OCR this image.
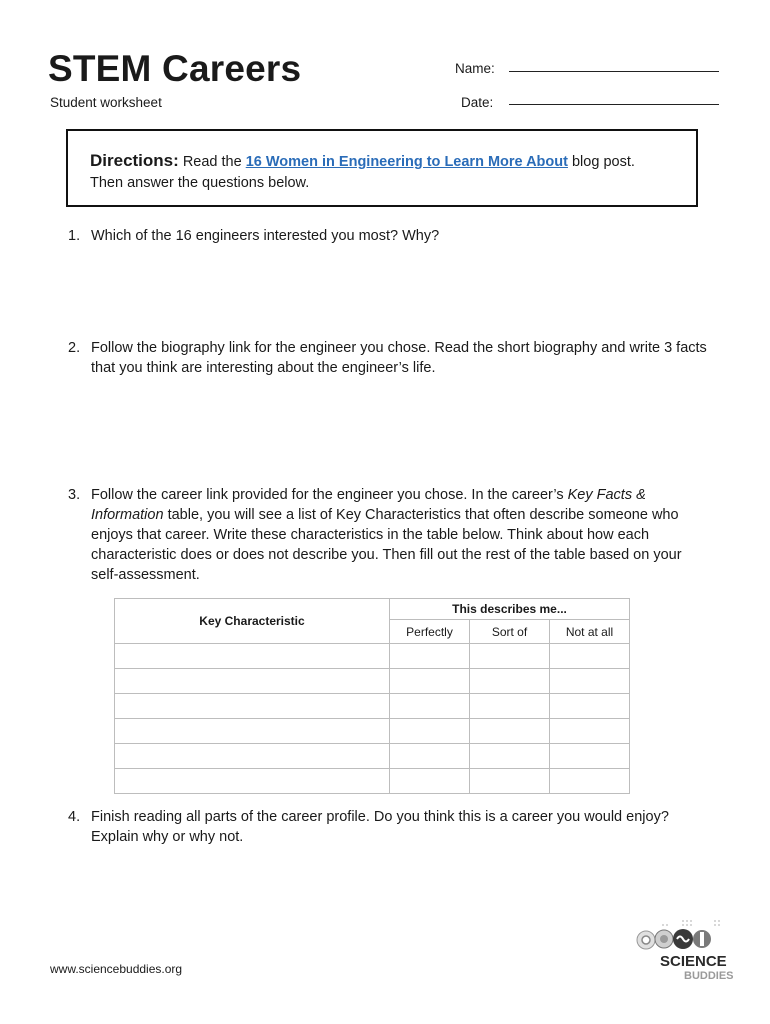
STEM Careers
Student worksheet
Name:
Date:
Directions: Read the 16 Women in Engineering to Learn More About blog post.
Then answer the questions below.
1. Which of the 16 engineers interested you most? Why?
2. Follow the biography link for the engineer you chose. Read the short biography and write 3 facts that you think are interesting about the engineer’s life.
3. Follow the career link provided for the engineer you chose. In the career’s Key Facts & Information table, you will see a list of Key Characteristics that often describe someone who enjoys that career. Write these characteristics in the table below. Think about how each characteristic does or does not describe you. Then fill out the rest of the table based on your self-assessment.
Key Characteristic	This describes me...		
	Perfectly	Sort of	Not at all

4. Finish reading all parts of the career profile. Do you think this is a career you would enjoy? Explain why or why not.
www.sciencebuddies.org	SCIENCE
BUDDIES
